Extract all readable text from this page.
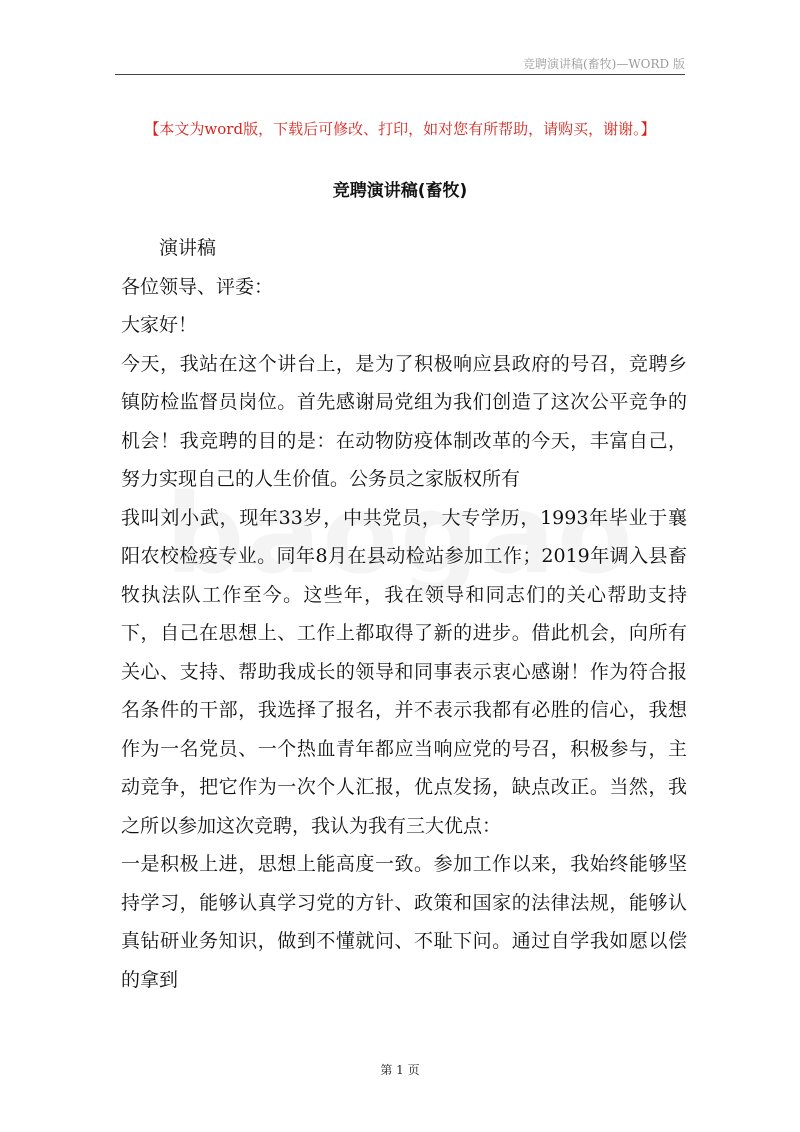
竞聘演讲稿(畜牧)—WORD 版
【本文为word版，下载后可修改、打印，如对您有所帮助，请购买，谢谢。】
竞聘演讲稿(畜牧)

演讲稿

各位领导、评委：

大家好！

今天，我站在这个讲台上，是为了积极响应县政府的号召，竞聘乡镇防检监督员岗位。首先感谢局党组为我们创造了这次公平竞争的机会！我竞聘的目的是：在动物防疫体制改革的今天，丰富自己，努力实现自己的人生价值。公务员之家版权所有

我叫刘小武，现年33岁，中共党员，大专学历，1993年毕业于襄阳农校检疫专业。同年8月在县动检站参加工作；2019年调入县畜牧执法队工作至今。这些年，我在领导和同志们的关心帮助支持下，自己在思想上、工作上都取得了新的进步。借此机会，向所有关心、支持、帮助我成长的领导和同事表示衷心感谢！作为符合报名条件的干部，我选择了报名，并不表示我都有必胜的信心，我想作为一名党员、一个热血青年都应当响应党的号召，积极参与，主动竞争，把它作为一次个人汇报，优点发扬，缺点改正。当然，我之所以参加这次竞聘，我认为我有三大优点：

一是积极上进，思想上能高度一致。参加工作以来，我始终能够坚持学习，能够认真学习党的方针、政策和国家的法律法规，能够认真钻研业务知识，做到不懂就问、不耻下问。通过自学我如愿以偿的拿到

第 1 页
